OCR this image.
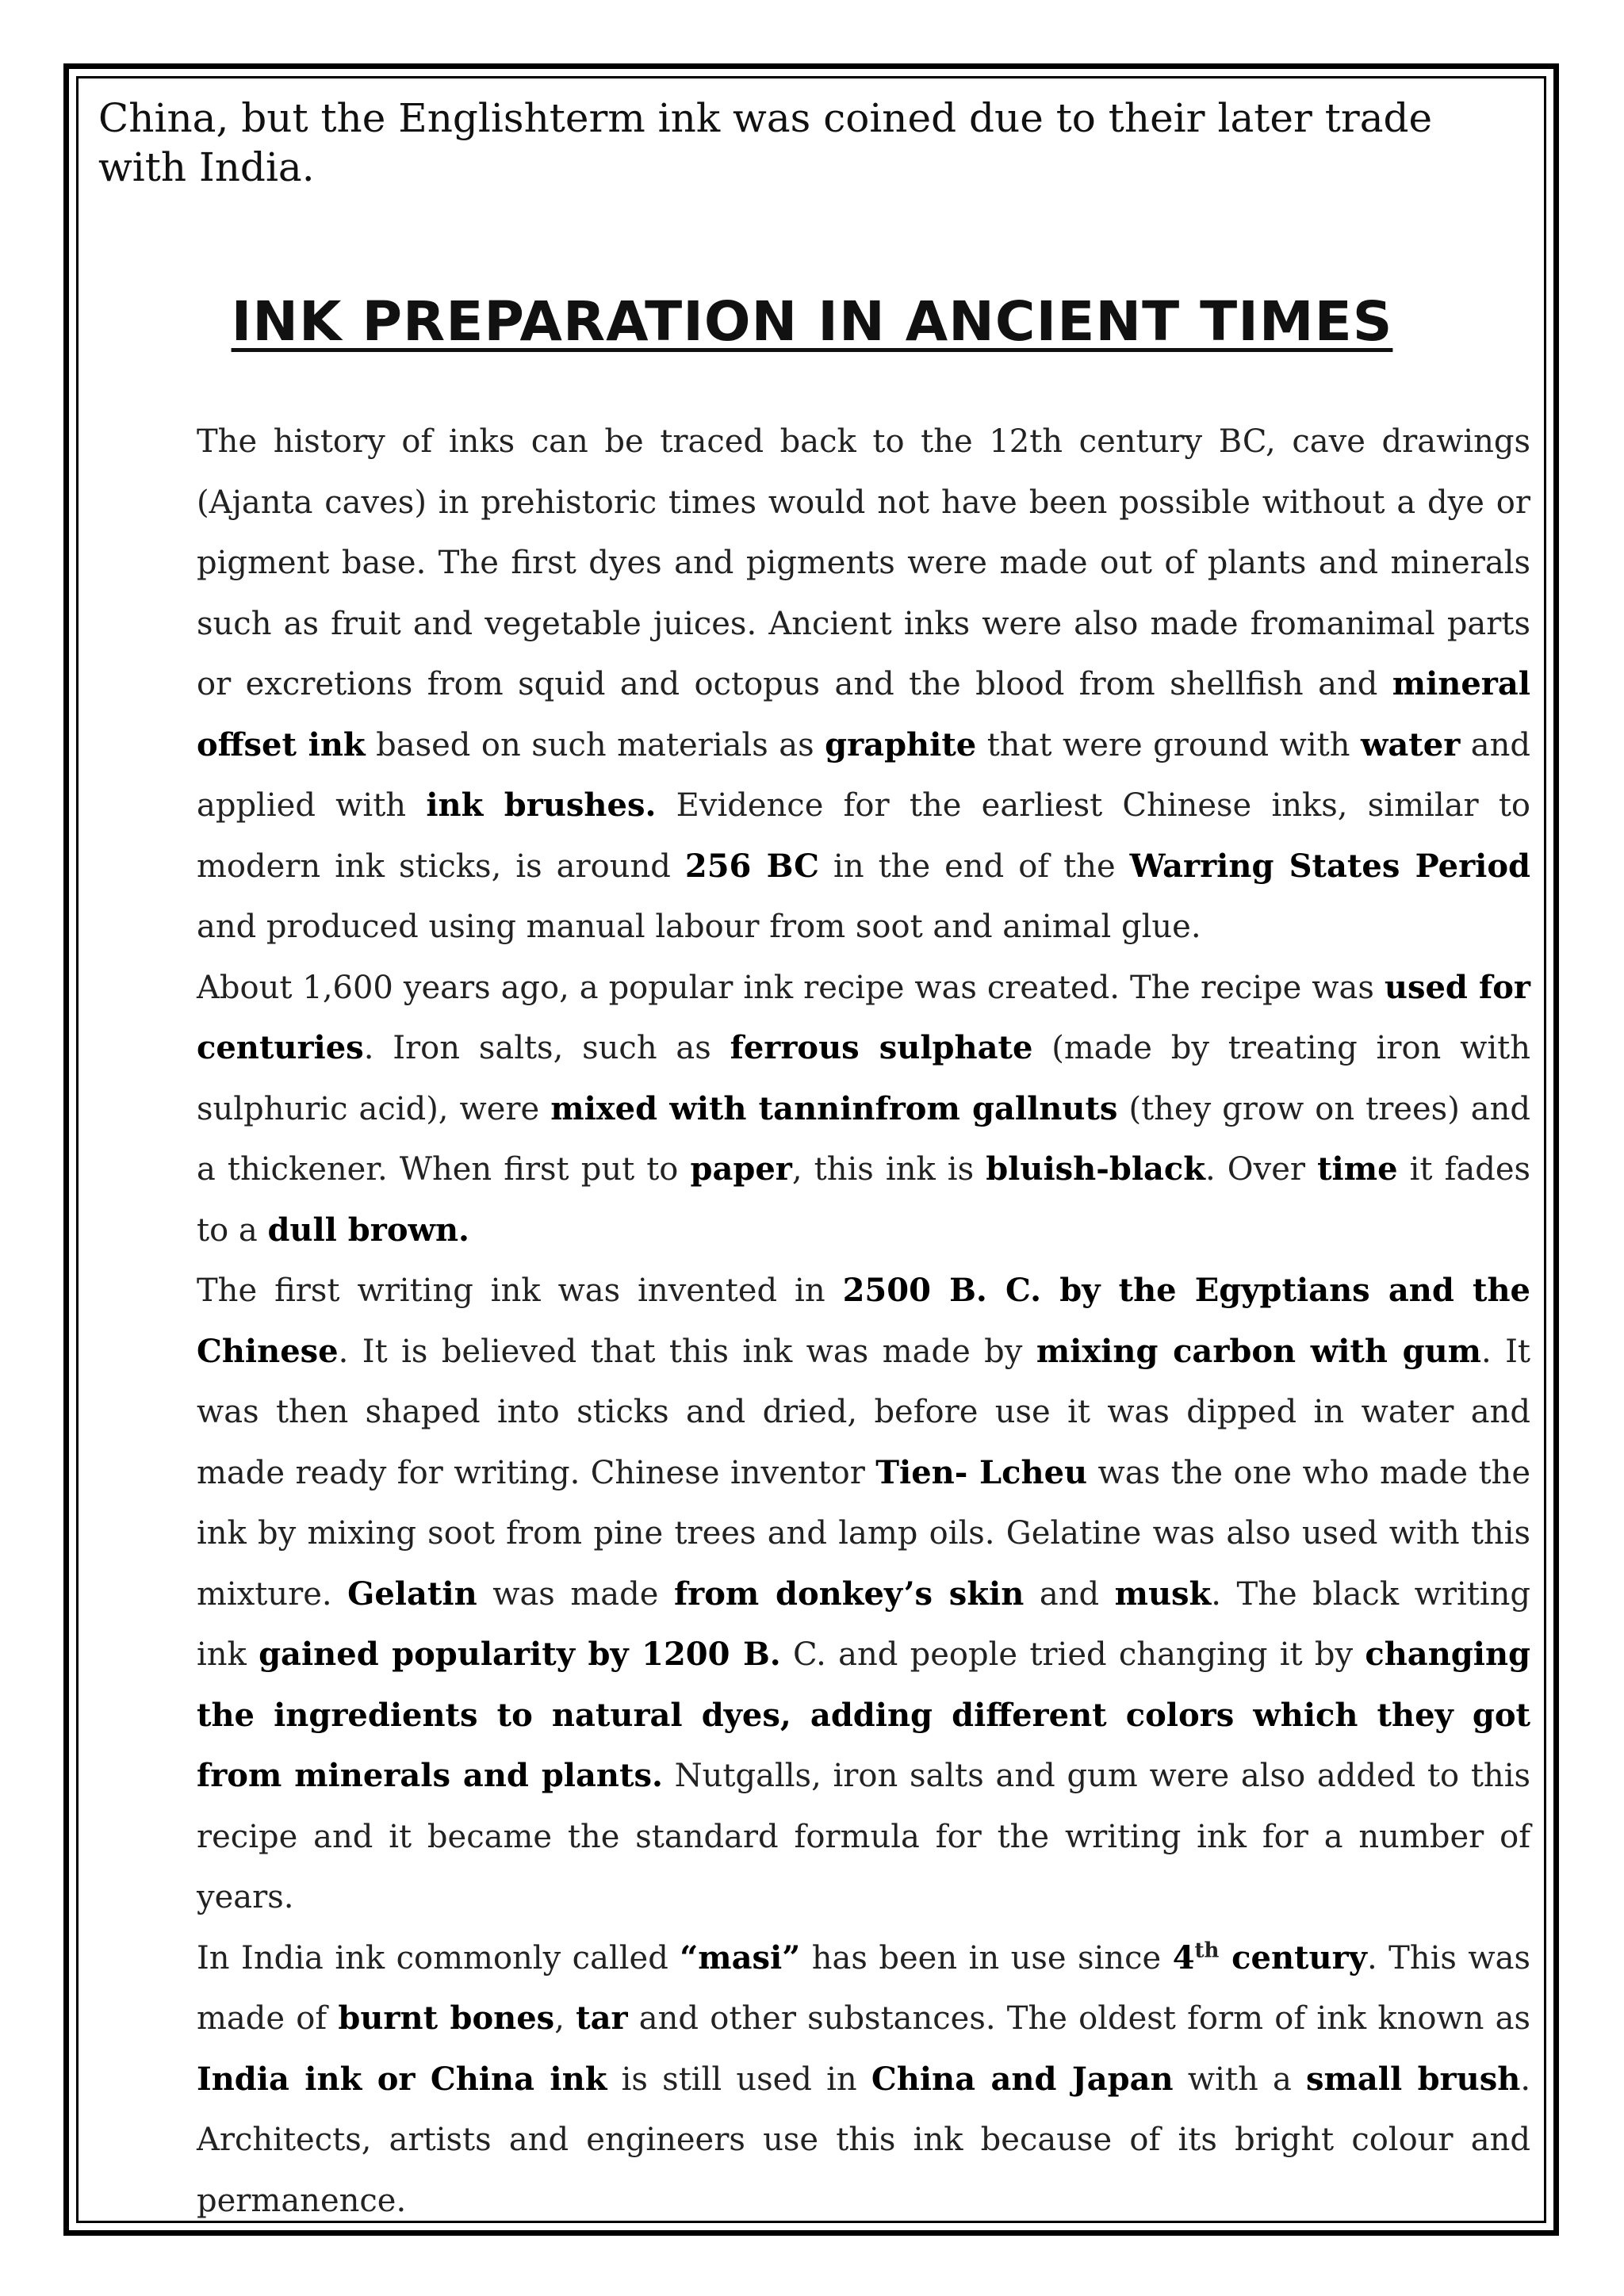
China, but the Englishterm ink was coined due to their later trade with India.

INK PREPARATION IN ANCIENT TIMES

The history of inks can be traced back to the 12th century BC, cave drawings (Ajanta caves) in prehistoric times would not have been possible without a dye or pigment base. The first dyes and pigments were made out of plants and minerals such as fruit and vegetable juices. Ancient inks were also made fromanimal parts or excretions from squid and octopus and the blood from shellfish and mineral offset ink based on such materials as graphite that were ground with water and applied with ink brushes. Evidence for the earliest Chinese inks, similar to modern ink sticks, is around 256 BC in the end of the Warring States Period and produced using manual labour from soot and animal glue.

About 1,600 years ago, a popular ink recipe was created. The recipe was used for centuries. Iron salts, such as ferrous sulphate (made by treating iron with sulphuric acid), were mixed with tanninfrom gallnuts (they grow on trees) and a thickener. When first put to paper, this ink is bluish-black. Over time it fades to a dull brown.

The first writing ink was invented in 2500 B. C. by the Egyptians and the Chinese. It is believed that this ink was made by mixing carbon with gum. It was then shaped into sticks and dried, before use it was dipped in water and made ready for writing. Chinese inventor Tien- Lcheu was the one who made the ink by mixing soot from pine trees and lamp oils. Gelatine was also used with this mixture. Gelatin was made from donkey’s skin and musk. The black writing ink gained popularity by 1200 B. C. and people tried changing it by changing the ingredients to natural dyes, adding different colors which they got from minerals and plants. Nutgalls, iron salts and gum were also added to this recipe and it became the standard formula for the writing ink for a number of years.

In India ink commonly called “masi” has been in use since 4th century. This was made of burnt bones, tar and other substances. The oldest form of ink known as India ink or China ink is still used in China and Japan with a small brush. Architects, artists and engineers use this ink because of its bright colour and permanence.
